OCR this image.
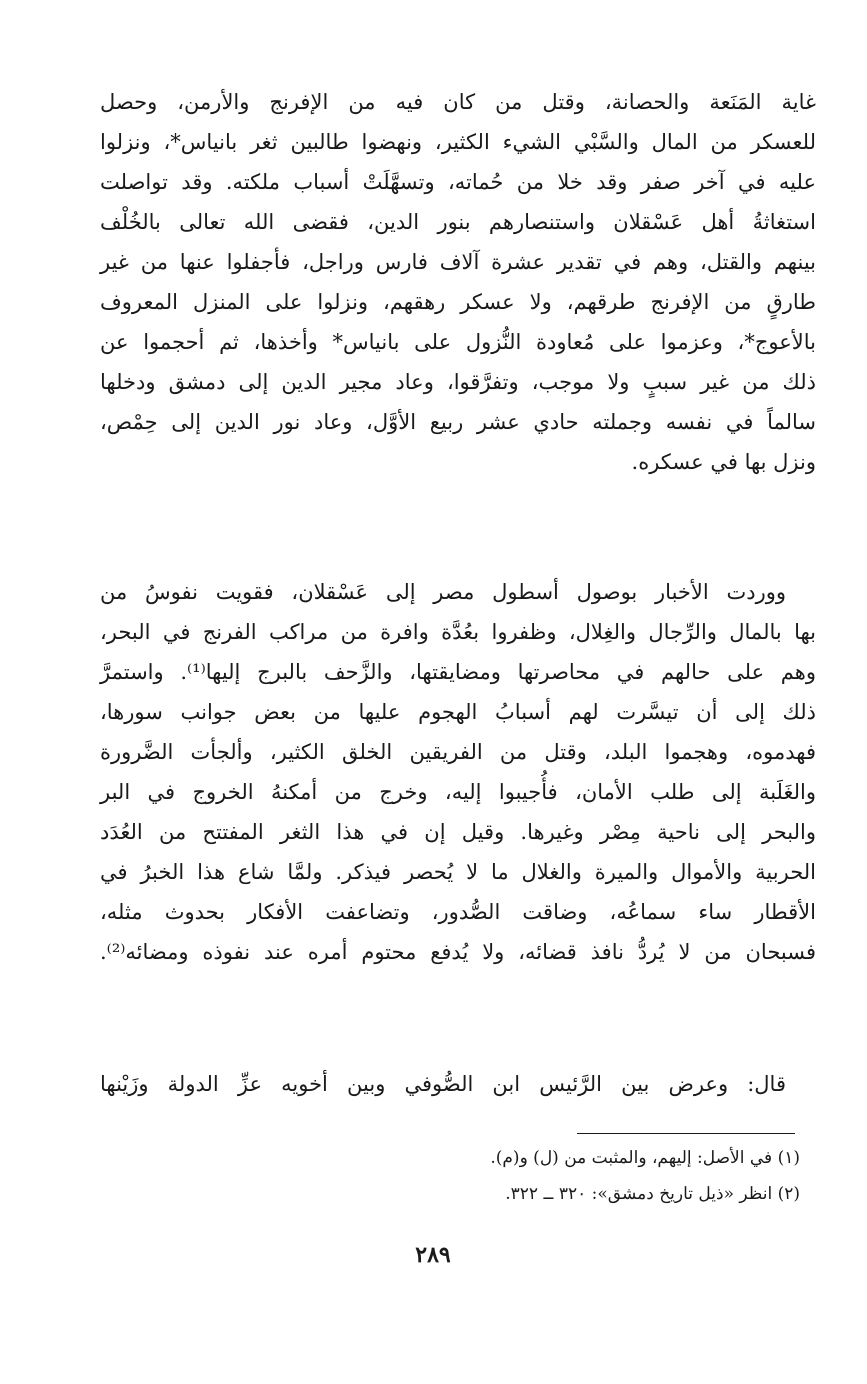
غاية المَنَعة والحصانة، وقتل من كان فيه من الإفرنج والأرمن، وحصل
للعسكر من المال والسَّبْي الشيء الكثير، ونهضوا طالبين ثغر بانياس*، ونزلوا
عليه في آخر صفر وقد خلا من حُماته، وتسهَّلَتْ أسباب ملكته. وقد تواصلت
استغاثةُ أهل عَسْقلان واستنصارهم بنور الدين، فقضى الله تعالى بالخُلْف
بينهم والقتل، وهم في تقدير عشرة آلاف فارس وراجل، فأجفلوا عنها من غير
طارقٍ من الإفرنج طرقهم، ولا عسكر رهقهم، ونزلوا على المنزل المعروف
بالأعوج*، وعزموا على مُعاودة النُّزول على بانياس* وأخذها، ثم أحجموا عن
ذلك من غير سببٍ ولا موجب، وتفرَّقوا، وعاد مجير الدين إلى دمشق ودخلها
سالماً في نفسه وجملته حادي عشر ربيع الأوَّل، وعاد نور الدين إلى حِمْص،
ونزل بها في عسكره.
ووردت الأخبار بوصول أسطول مصر إلى عَسْقلان، فقويت نفوسُ من
بها بالمال والرِّجال والغِلال، وظفروا بعُدَّة وافرة من مراكب الفرنج في البحر،
وهم على حالهم في محاصرتها ومضايقتها، والزَّحف بالبرج إليها⁽¹⁾. واستمرَّ
ذلك إلى أن تيسَّرت لهم أسبابُ الهجوم عليها من بعض جوانب سورها،
فهدموه، وهجموا البلد، وقتل من الفريقين الخلق الكثير، وألجأت الضَّرورة
والغَلَبة إلى طلب الأمان، فأُجيبوا إليه، وخرج من أمكنهُ الخروج في البر
والبحر إلى ناحية مِصْر وغيرها. وقيل إن في هذا الثغر المفتتح من العُدَد
الحربية والأموال والميرة والغلال ما لا يُحصر فيذكر. ولمَّا شاع هذا الخبرُ في
الأقطار ساء سماعُه، وضاقت الصُّدور، وتضاعفت الأفكار بحدوث مثله،
فسبحان من لا يُردُّ نافذ قضائه، ولا يُدفع محتوم أمره عند نفوذه ومضائه⁽²⁾.
قال: وعرض بين الرَّئيس ابن الصُّوفي وبين أخويه عزِّ الدولة وزَيْنها
(١) في الأصل: إليهم، والمثبت من (ل) و(م).
(٢) انظر «ذيل تاريخ دمشق»: ٣٢٠ ــ ٣٢٢.
٢٨٩
